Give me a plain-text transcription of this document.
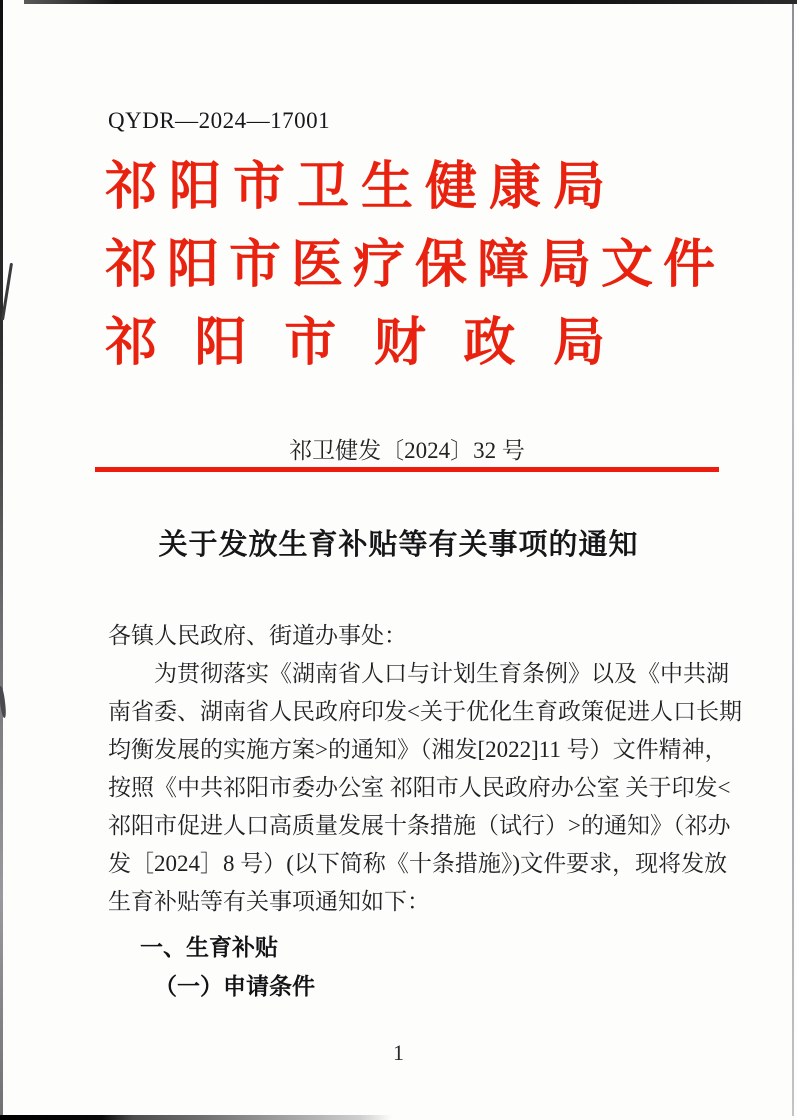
QYDR—2024—17001
祁阳市卫生健康局
祁阳市医疗保障局文件
祁阳市财政局
祁卫健发〔2024〕32 号
关于发放生育补贴等有关事项的通知
各镇人民政府、街道办事处：
为贯彻落实《湖南省人口与计划生育条例》以及《中共湖
南省委、湖南省人民政府印发<关于优化生育政策促进人口长期
均衡发展的实施方案>的通知》（湘发[2022]11 号）文件精神，
按照《中共祁阳市委办公室 祁阳市人民政府办公室 关于印发<
祁阳市促进人口高质量发展十条措施（试行）>的通知》（祁办
发［2024］8 号）(以下简称《十条措施》)文件要求，现将发放
生育补贴等有关事项通知如下：
一、生育补贴
（一）申请条件
1
